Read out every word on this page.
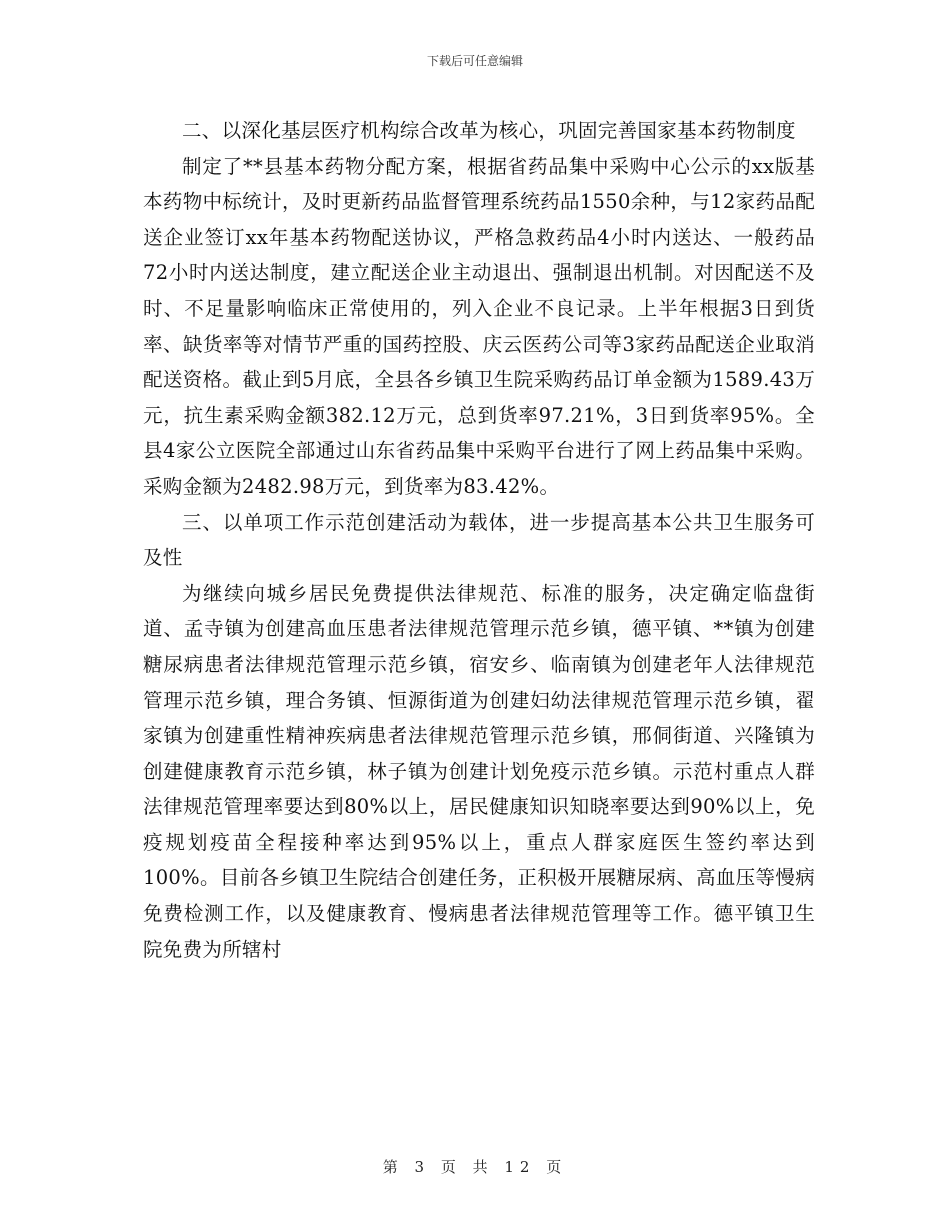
下载后可任意编辑

二、以深化基层医疗机构综合改革为核心，巩固完善国家基本药物制度

制定了**县基本药物分配方案，根据省药品集中采购中心公示的xx版基本药物中标统计，及时更新药品监督管理系统药品1550余种，与12家药品配送企业签订xx年基本药物配送协议，严格急救药品4小时内送达、一般药品72小时内送达制度，建立配送企业主动退出、强制退出机制。对因配送不及时、不足量影响临床正常使用的，列入企业不良记录。上半年根据3日到货率、缺货率等对情节严重的国药控股、庆云医药公司等3家药品配送企业取消配送资格。截止到5月底，全县各乡镇卫生院采购药品订单金额为1589.43万元，抗生素采购金额382.12万元，总到货率97.21%，3日到货率95%。全县4家公立医院全部通过山东省药品集中采购平台进行了网上药品集中采购。采购金额为2482.98万元，到货率为83.42%。

三、以单项工作示范创建活动为载体，进一步提高基本公共卫生服务可及性

为继续向城乡居民免费提供法律规范、标准的服务，决定确定临盘街道、孟寺镇为创建高血压患者法律规范管理示范乡镇，德平镇、**镇为创建糖尿病患者法律规范管理示范乡镇，宿安乡、临南镇为创建老年人法律规范管理示范乡镇，理合务镇、恒源街道为创建妇幼法律规范管理示范乡镇，翟家镇为创建重性精神疾病患者法律规范管理示范乡镇，邢侗街道、兴隆镇为创建健康教育示范乡镇，林子镇为创建计划免疫示范乡镇。示范村重点人群法律规范管理率要达到80%以上，居民健康知识知晓率要达到90%以上，免疫规划疫苗全程接种率达到95%以上，重点人群家庭医生签约率达到100%。目前各乡镇卫生院结合创建任务，正积极开展糖尿病、高血压等慢病免费检测工作，以及健康教育、慢病患者法律规范管理等工作。德平镇卫生院免费为所辖村

第 3 页 共 12 页
